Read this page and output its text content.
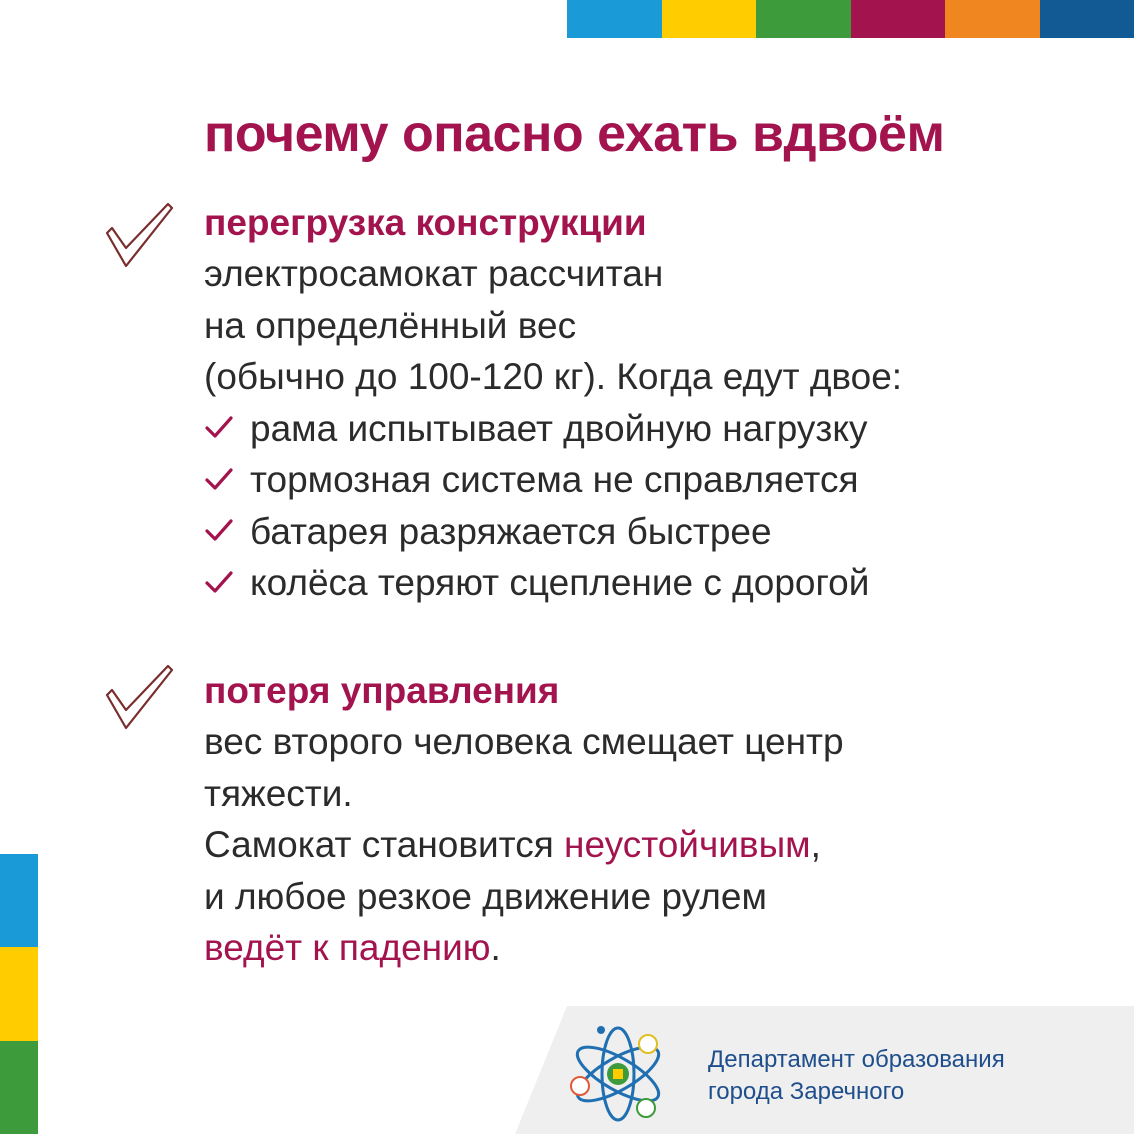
почему опасно ехать вдвоём
перегрузка конструкции
электросамокат рассчитан
на определённый вес
(обычно до 100-120 кг). Когда едут двое:
рама испытывает двойную нагрузку
тормозная система не справляется
батарея разряжается быстрее
колёса теряют сцепление с дорогой
потеря управления
вес второго человека смещает центр
тяжести.
Самокат становится неустойчивым,
и любое резкое движение рулем
ведёт к падению.
Департамент образования
города Заречного
